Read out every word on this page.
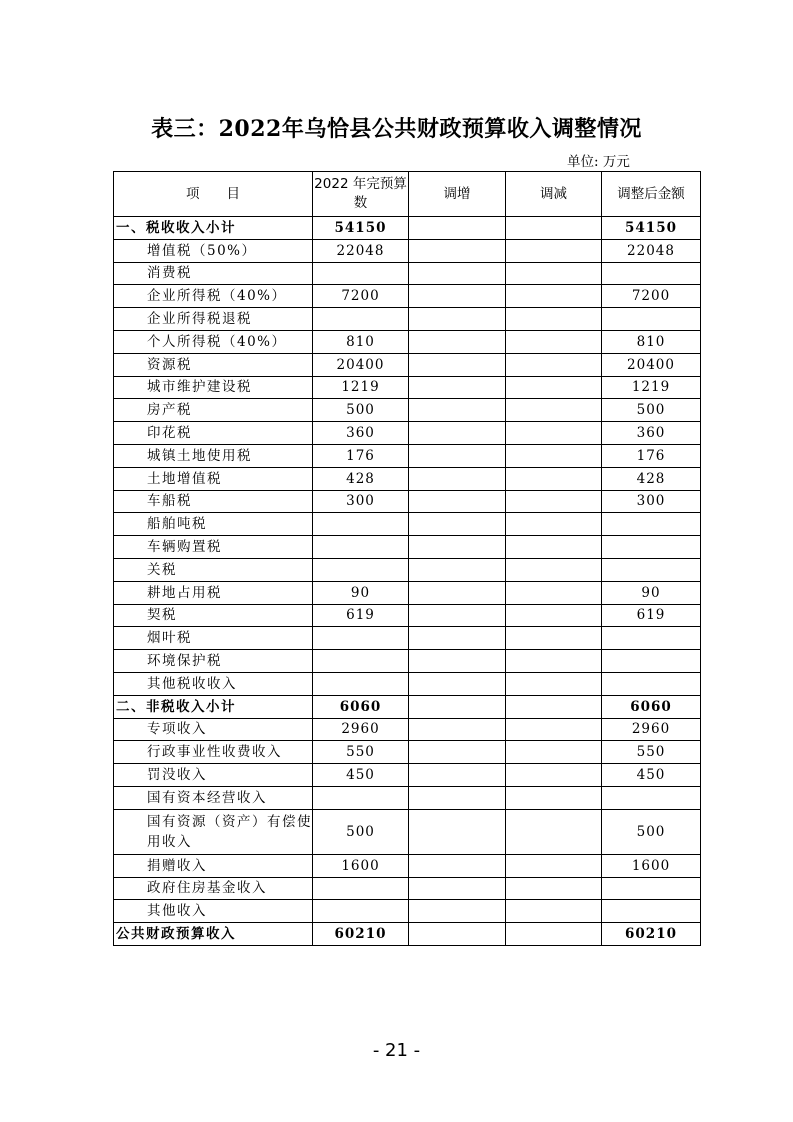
表三：2022年乌恰县公共财政预算收入调整情况
单位: 万元
项　　目	2022 年完预算数	调增	调减	调整后金额
一、税收收入小计	54150			54150
增值税（50%）	22048			22048
消费税				
企业所得税（40%）	7200			7200
企业所得税退税				
个人所得税（40%）	810			810
资源税	20400			20400
城市维护建设税	1219			1219
房产税	500			500
印花税	360			360
城镇土地使用税	176			176
土地增值税	428			428
车船税	300			300
船舶吨税				
车辆购置税				
关税				
耕地占用税	90			90
契税	619			619
烟叶税				
环境保护税				
其他税收收入				
二、非税收入小计	6060			6060
专项收入	2960			2960
行政事业性收费收入	550			550
罚没收入	450			450
国有资本经营收入				
国有资源（资产）有偿使用收入	500			500
捐赠收入	1600			1600
政府住房基金收入				
其他收入				
公共财政预算收入	60210			60210
- 21 -
